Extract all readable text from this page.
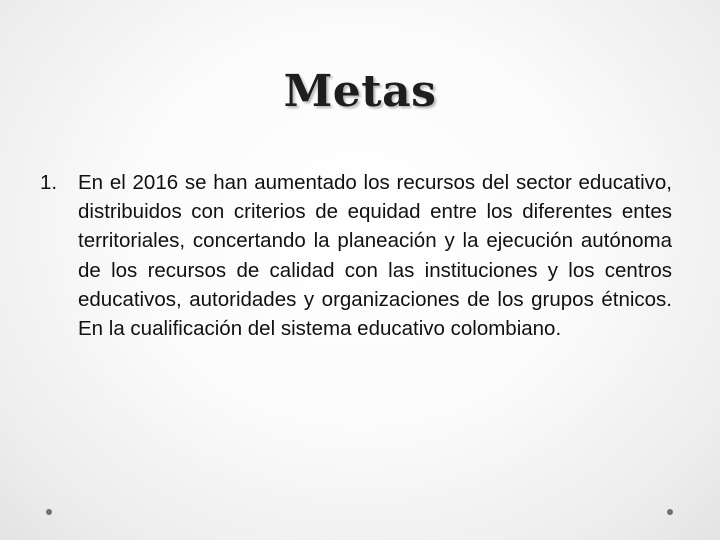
Metas
1. En el 2016 se han aumentado los recursos del sector educativo, distribuidos con criterios de equidad entre los diferentes entes territoriales, concertando la planeación y la ejecución autónoma de los recursos de calidad con las instituciones y los centros educativos, autoridades y organizaciones de los grupos étnicos. En la cualificación del sistema educativo colombiano.
